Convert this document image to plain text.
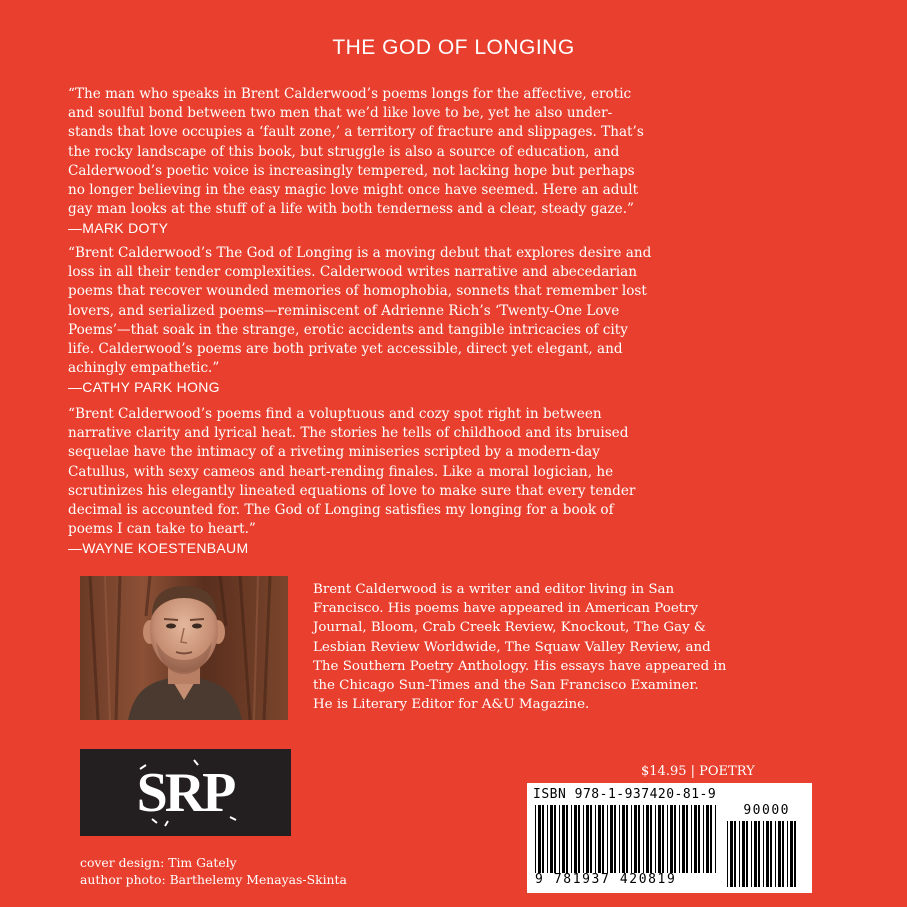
THE GOD OF LONGING

“The man who speaks in Brent Calderwood’s poems longs for the affective, erotic

and soulful bond between two men that we’d like love to be, yet he also under-

stands that love occupies a ‘fault zone,’ a territory of fracture and slippages. That’s

the rocky landscape of this book, but struggle is also a source of education, and

Calderwood’s poetic voice is increasingly tempered, not lacking hope but perhaps

no longer believing in the easy magic love might once have seemed. Here an adult

gay man looks at the stuff of a life with both tenderness and a clear, steady gaze.”

—MARK DOTY

“Brent Calderwood’s The God of Longing is a moving debut that explores desire and

loss in all their tender complexities. Calderwood writes narrative and abecedarian

poems that recover wounded memories of homophobia, sonnets that remember lost

lovers, and serialized poems—reminiscent of Adrienne Rich’s ‘Twenty-One Love

Poems’—that soak in the strange, erotic accidents and tangible intricacies of city

life. Calderwood’s poems are both private yet accessible, direct yet elegant, and

achingly empathetic.”

—CATHY PARK HONG

“Brent Calderwood’s poems find a voluptuous and cozy spot right in between

narrative clarity and lyrical heat. The stories he tells of childhood and its bruised

sequelae have the intimacy of a riveting miniseries scripted by a modern-day

Catullus, with sexy cameos and heart-rending finales. Like a moral logician, he

scrutinizes his elegantly lineated equations of love to make sure that every tender

decimal is accounted for. The God of Longing satisfies my longing for a book of

poems I can take to heart.”

—WAYNE KOESTENBAUM

Brent Calderwood is a writer and editor living in San
Francisco. His poems have appeared in American Poetry
Journal, Bloom, Crab Creek Review, Knockout, The Gay &
Lesbian Review Worldwide, The Squaw Valley Review, and
The Southern Poetry Anthology. His essays have appeared in
the Chicago Sun-Times and the San Francisco Examiner.
He is Literary Editor for A&U Magazine.
SRP	$14.95 | POETRY
ISBN 978-1-937420-81-9
90000
9 781937 420819
cover design: Tim Gately
author photo: Barthelemy Menayas-Skinta
